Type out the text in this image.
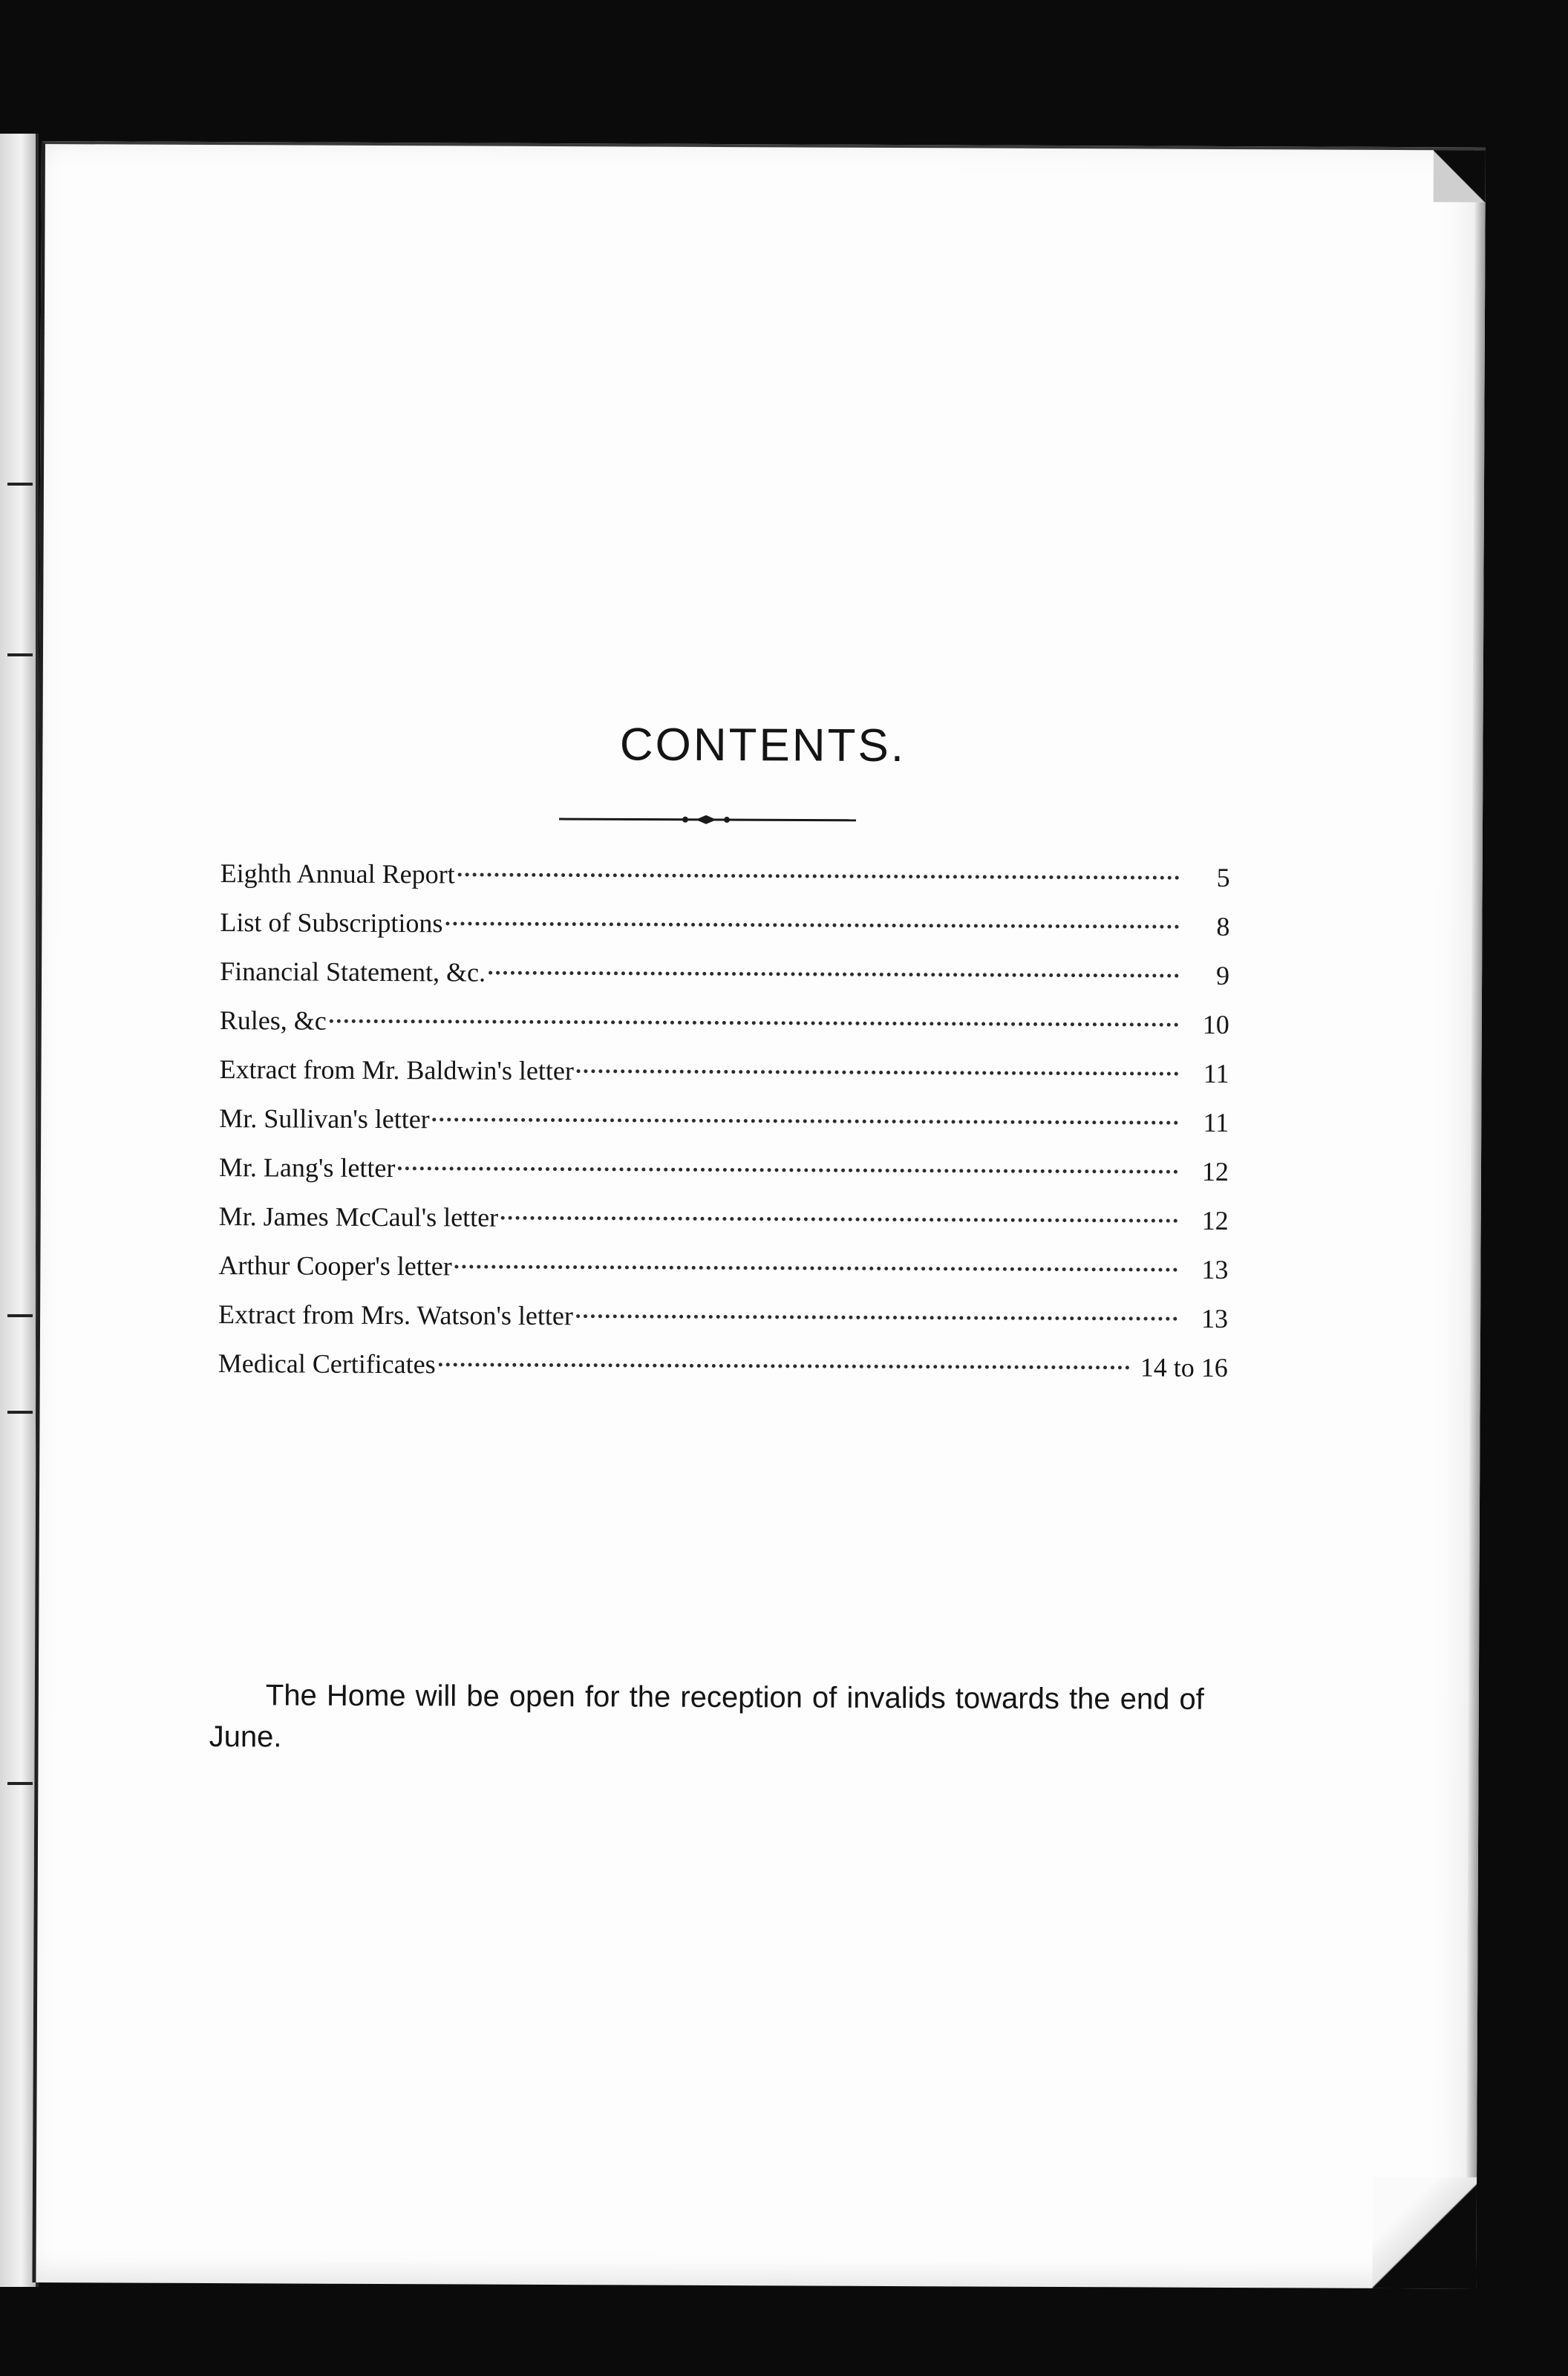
CONTENTS.
Eighth Annual Report	5
List of Subscriptions	8
Financial Statement, &c.	9
Rules, &c	10
Extract from Mr. Baldwin's letter	11
Mr. Sullivan's letter	11
Mr. Lang's letter	12
Mr. James McCaul's letter	12
Arthur Cooper's letter	13
Extract from Mrs. Watson's letter	13
Medical Certificates	14 to 16

The Home will be open for the reception of invalids towards the end of June.
